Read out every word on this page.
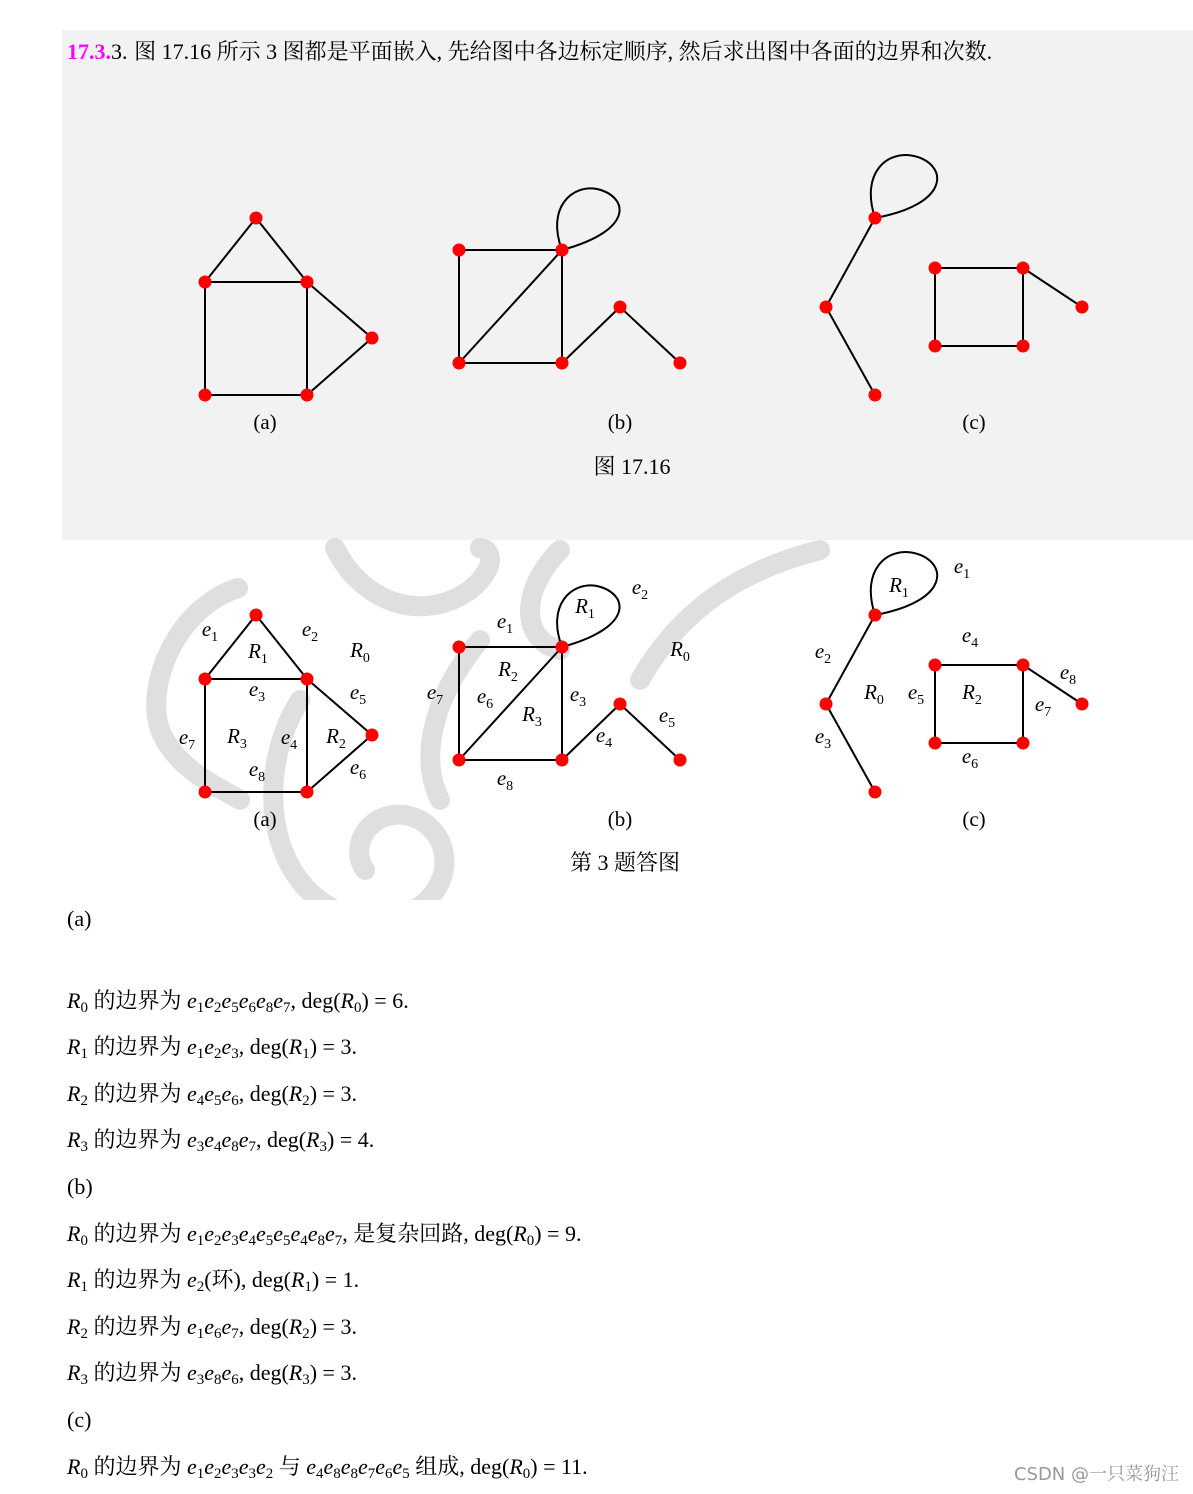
17.3.3. 图 17.16 所示 3 图都是平面嵌入, 先给图中各边标定顺序, 然后求出图中各面的边界和次数.
(a)	(b)	(c)
图 17.16
$e_1$	$e_2$
$e_3$
$e_4$
$e_5$
$e_6$
$e_7$
$e_8$
$R_0$
$R_1$
$R_2$
$R_3$
$e_1$
$e_2$
$e_3$
$e_4$
$e_5$
$e_6$
$e_7$
$e_8$
$R_0$
$R_1$
$R_2$
$R_3$
$e_1$
$e_2$
$e_3$
$e_4$
$e_5$
$e_6$
$e_7$
$e_8$
$R_0$
$R_1$
$R_2$
(a)	(b)	(c)
第 3 题答图
(a)
$R_0$ 的边界为 $e_1e_2e_5e_6e_8e_7$, $deg(R_0) = 6$.
$R_1$ 的边界为 $e_1e_2e_3$, $deg(R_1) = 3$.
$R_2$ 的边界为 $e_4e_5e_6$, $deg(R_2) = 3$.
$R_3$ 的边界为 $e_3e_4e_8e_7$, $deg(R_3) = 4$.
(b)
$R_0$ 的边界为 $e_1e_2e_3e_4e_5e_5e_4e_8e_7$, 是复杂回路, $deg(R_0) = 9$.
$R_1$ 的边界为 $e_2$(环), $deg(R_1) = 1$.
$R_2$ 的边界为 $e_1e_6e_7$, $deg(R_2) = 3$.
$R_3$ 的边界为 $e_3e_8e_6$, $deg(R_3) = 3$.
(c)
$R_0$ 的边界为 $e_1e_2e_3e_3e_2$ 与 $e_4e_8e_8e_7e_6e_5$ 组成, $deg(R_0) = 11$.	CSDN @一只菜狗汪
